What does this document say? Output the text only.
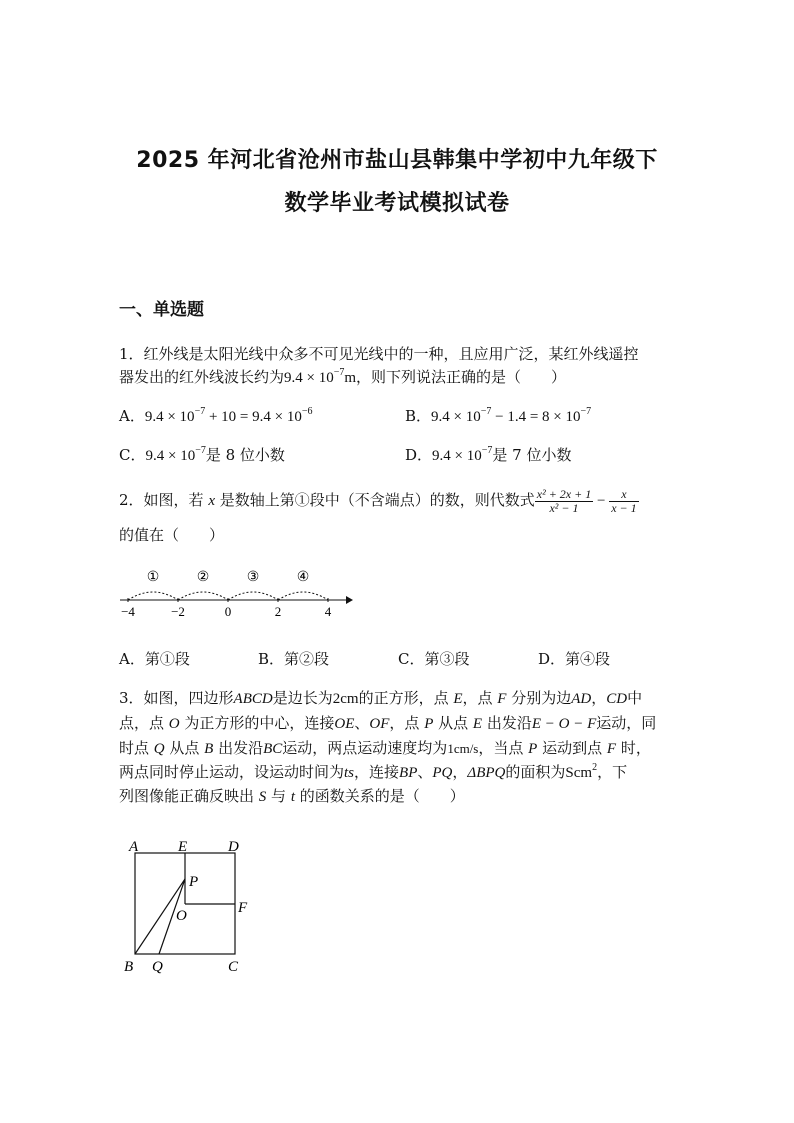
2025 年河北省沧州市盐山县韩集中学初中九年级下
数学毕业考试模拟试卷
一、单选题
1．红外线是太阳光线中众多不可见光线中的一种，且应用广泛，某红外线遥控
器发出的红外线波长约为$9.4 \times 10^{-7}m$，则下列说法正确的是（　　）
A．$9.4 \times 10^{-7} + 10 = 9.4 \times 10^{-6}$	B．$9.4 \times 10^{-7} - 1.4 = 8 \times 10^{-7}$
C．$9.4 \times 10^{-7}$是 8 位小数	D．$9.4 \times 10^{-7}$是 7 位小数
2．如图，若 x 是数轴上第①段中（不含端点）的数，则代数式 $\frac{\text{x² + 2x + 1}}{\text{x² − 1}} - \frac{x}{x - 1}$
的值在（　　）
①	②	③	④
−4	−2	0	2	4
A．第①段	B．第②段	C．第③段	D．第④段
3．如图，四边形ABCD是边长为2cm的正方形，点 E，点 F 分别为边AD，CD中
点，点 O 为正方形的中心，连接OE、OF，点 P 从点 E 出发沿E − O − F运动，同
时点 Q 从点 B 出发沿BC运动，两点运动速度均为1cm/s，当点 P 运动到点 F 时，
两点同时停止运动，设运动时间为ts，连接BP、PQ，ΔBPQ的面积为Scm$^2$，下
列图像能正确反映出 S 与 t 的函数关系的是（　　）
A	E	D
P
O	F
B Q	C
